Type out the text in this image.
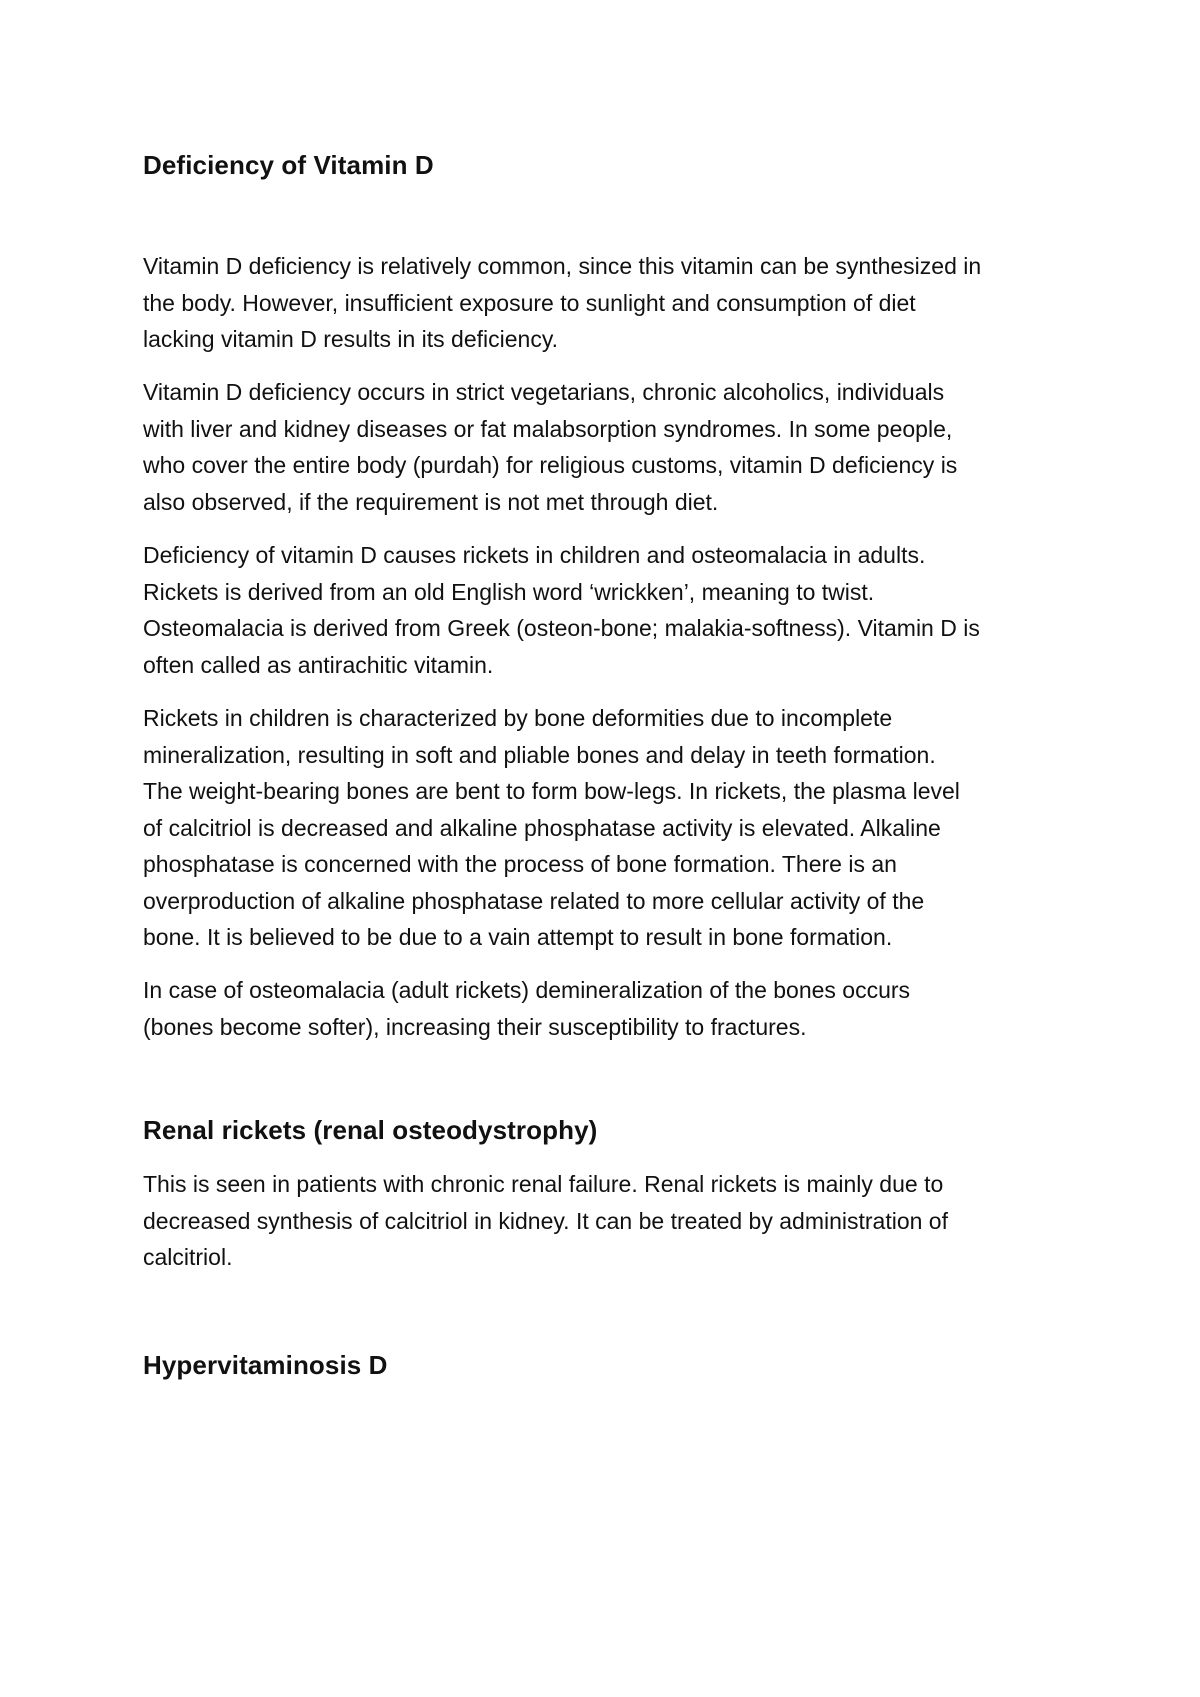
Deficiency of Vitamin D
Vitamin D deficiency is relatively common, since this vitamin can be synthesized in
the body. However, insufficient exposure to sunlight and consumption of diet
lacking vitamin D results in its deficiency.
Vitamin D deficiency occurs in strict vegetarians, chronic alcoholics, individuals
with liver and kidney diseases or fat malabsorption syndromes. In some people,
who cover the entire body (purdah) for religious customs, vitamin D deficiency is
also observed, if the requirement is not met through diet.
Deficiency of vitamin D causes rickets in children and osteomalacia in adults.
Rickets is derived from an old English word ‘wrickken’, meaning to twist.
Osteomalacia is derived from Greek (osteon-bone; malakia-softness). Vitamin D is
often called as antirachitic vitamin.
Rickets in children is characterized by bone deformities due to incomplete
mineralization, resulting in soft and pliable bones and delay in teeth formation.
The weight-bearing bones are bent to form bow-legs. In rickets, the plasma level
of calcitriol is decreased and alkaline phosphatase activity is elevated. Alkaline
phosphatase is concerned with the process of bone formation. There is an
overproduction of alkaline phosphatase related to more cellular activity of the
bone. It is believed to be due to a vain attempt to result in bone formation.
In case of osteomalacia (adult rickets) demineralization of the bones occurs
(bones become softer), increasing their susceptibility to fractures.
Renal rickets (renal osteodystrophy)
This is seen in patients with chronic renal failure. Renal rickets is mainly due to
decreased synthesis of calcitriol in kidney. It can be treated by administration of
calcitriol.
Hypervitaminosis D
